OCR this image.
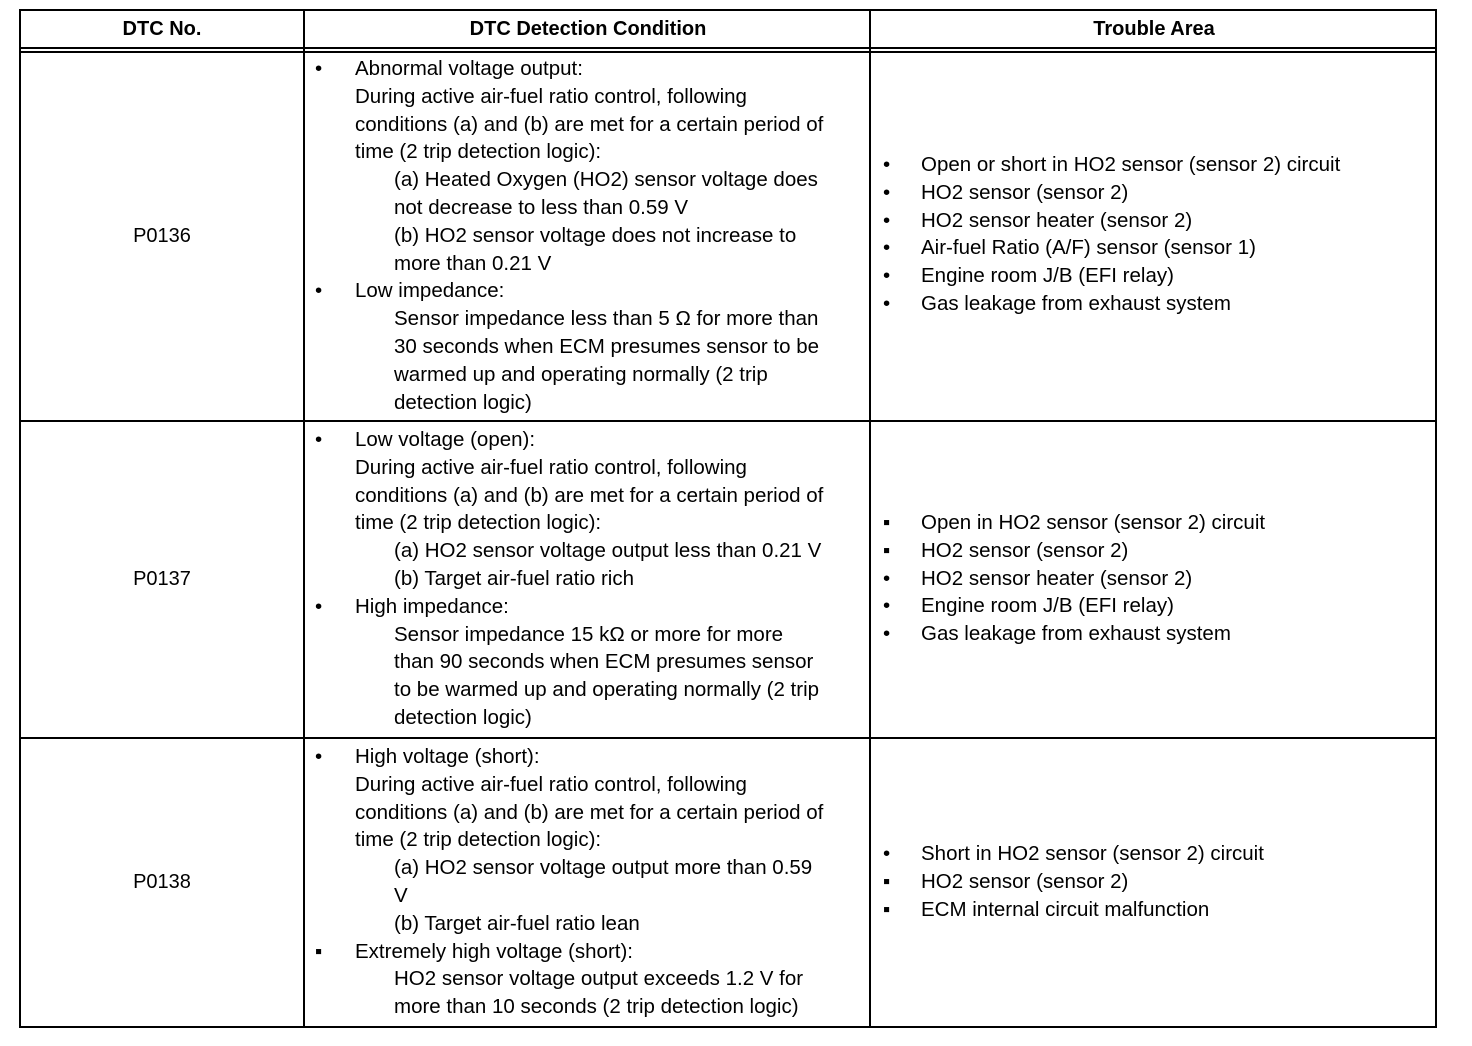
DTC No.	DTC Detection Condition	Trouble Area
P0136
• Abnormal voltage output:
During active air-fuel ratio control, following
conditions (a) and (b) are met for a certain period of
time (2 trip detection logic):
(a) Heated Oxygen (HO2) sensor voltage does
not decrease to less than 0.59 V
(b) HO2 sensor voltage does not increase to
more than 0.21 V
• Low impedance:
Sensor impedance less than 5 Ω for more than
30 seconds when ECM presumes sensor to be
warmed up and operating normally (2 trip
detection logic)
• Open or short in HO2 sensor (sensor 2) circuit
• HO2 sensor (sensor 2)
• HO2 sensor heater (sensor 2)
• Air-fuel Ratio (A/F) sensor (sensor 1)
• Engine room J/B (EFI relay)
• Gas leakage from exhaust system
P0137
• Low voltage (open):
During active air-fuel ratio control, following
conditions (a) and (b) are met for a certain period of
time (2 trip detection logic):
(a) HO2 sensor voltage output less than 0.21 V
(b) Target air-fuel ratio rich
• High impedance:
Sensor impedance 15 kΩ or more for more
than 90 seconds when ECM presumes sensor
to be warmed up and operating normally (2 trip
detection logic)
▪ Open in HO2 sensor (sensor 2) circuit
▪ HO2 sensor (sensor 2)
• HO2 sensor heater (sensor 2)
• Engine room J/B (EFI relay)
• Gas leakage from exhaust system
P0138
• High voltage (short):
During active air-fuel ratio control, following
conditions (a) and (b) are met for a certain period of
time (2 trip detection logic):
(a) HO2 sensor voltage output more than 0.59
V
(b) Target air-fuel ratio lean
▪ Extremely high voltage (short):
HO2 sensor voltage output exceeds 1.2 V for
more than 10 seconds (2 trip detection logic)
• Short in HO2 sensor (sensor 2) circuit
▪ HO2 sensor (sensor 2)
▪ ECM internal circuit malfunction
